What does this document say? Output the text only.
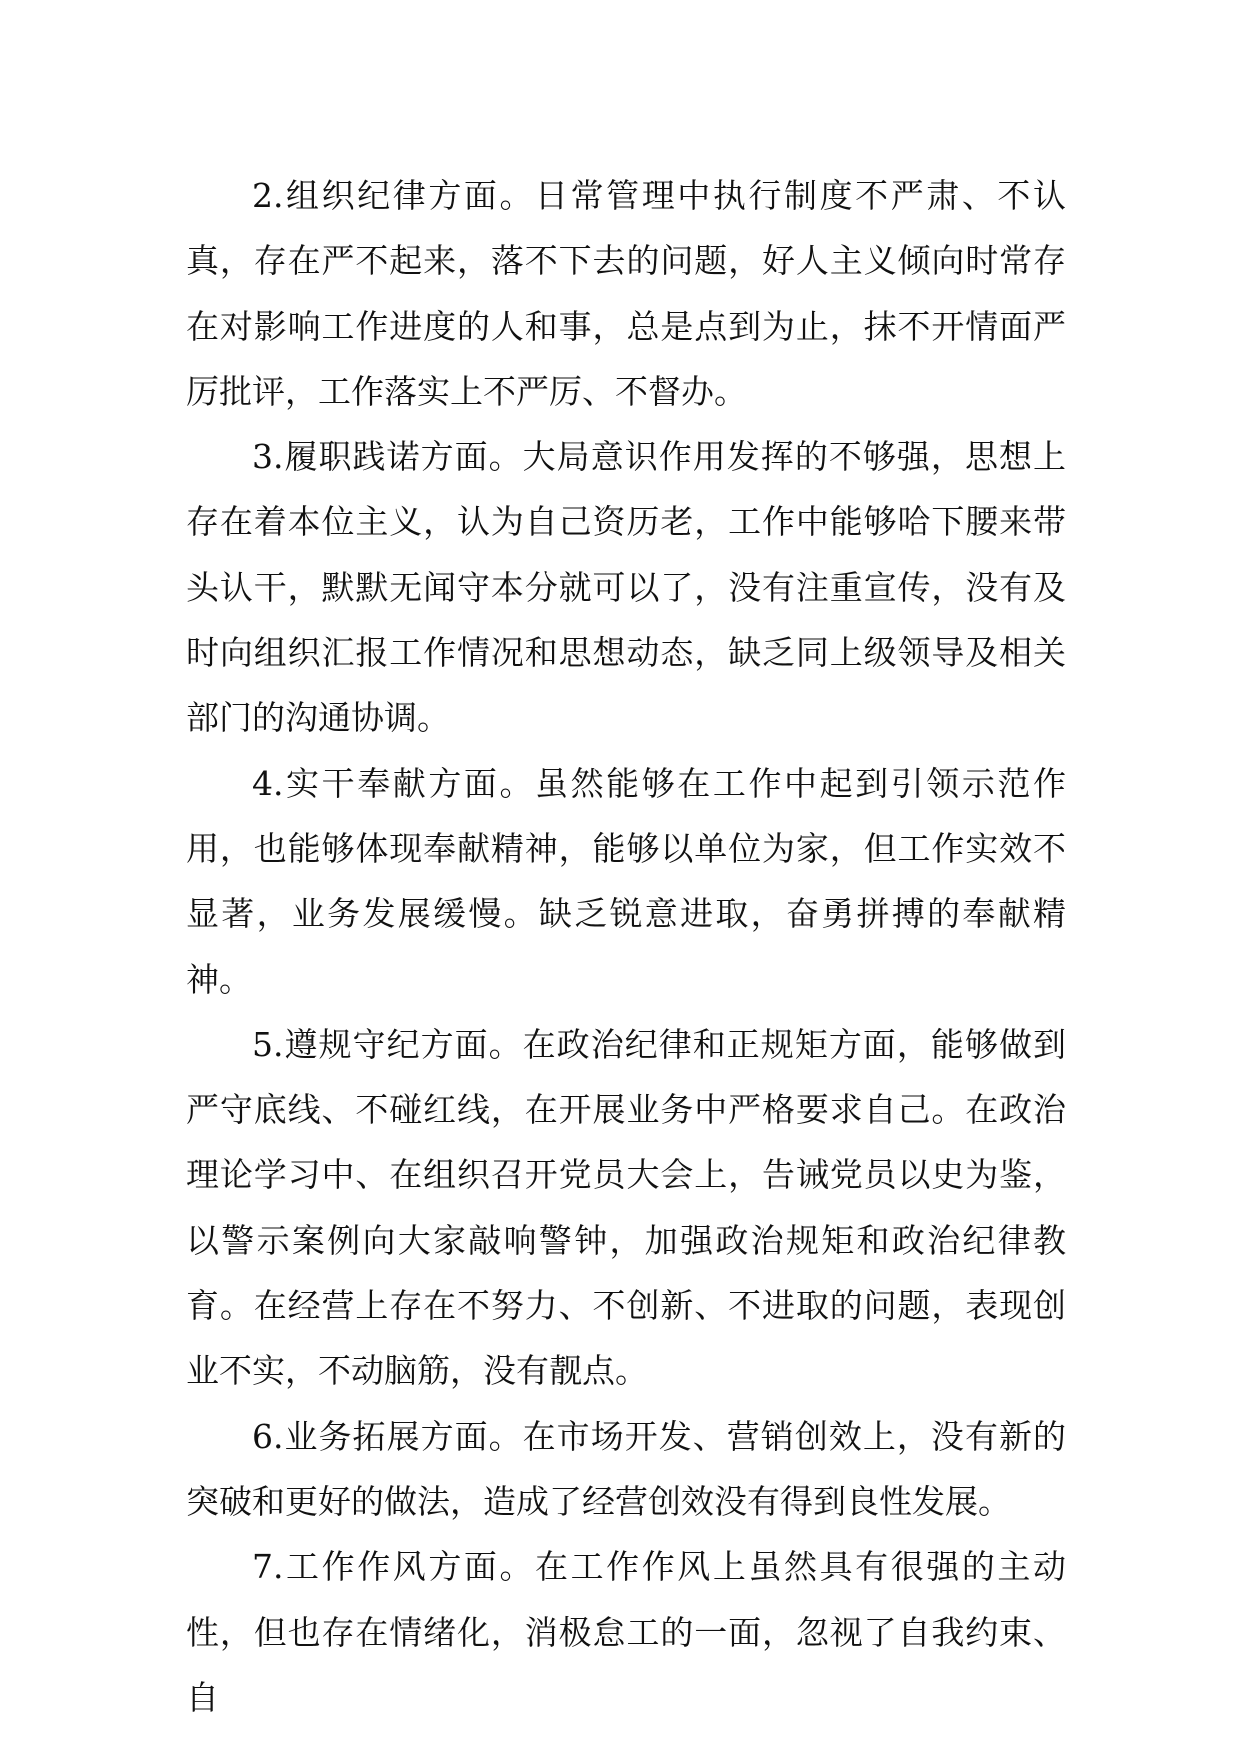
2.组织纪律方面。日常管理中执行制度不严肃、不认真，存在严不起来，落不下去的问题，好人主义倾向时常存在对影响工作进度的人和事，总是点到为止，抹不开情面严厉批评，工作落实上不严厉、不督办。

3.履职践诺方面。大局意识作用发挥的不够强，思想上存在着本位主义，认为自己资历老，工作中能够哈下腰来带头认干，默默无闻守本分就可以了，没有注重宣传，没有及时向组织汇报工作情况和思想动态，缺乏同上级领导及相关部门的沟通协调。

4.实干奉献方面。虽然能够在工作中起到引领示范作用，也能够体现奉献精神，能够以单位为家，但工作实效不显著，业务发展缓慢。缺乏锐意进取，奋勇拼搏的奉献精神。

5.遵规守纪方面。在政治纪律和正规矩方面，能够做到严守底线、不碰红线，在开展业务中严格要求自己。在政治理论学习中、在组织召开党员大会上，告诫党员以史为鉴，以警示案例向大家敲响警钟，加强政治规矩和政治纪律教育。在经营上存在不努力、不创新、不进取的问题，表现创业不实，不动脑筋，没有靓点。

6.业务拓展方面。在市场开发、营销创效上，没有新的突破和更好的做法，造成了经营创效没有得到良性发展。

7.工作作风方面。在工作作风上虽然具有很强的主动性，但也存在情绪化，消极怠工的一面，忽视了自我约束、自
